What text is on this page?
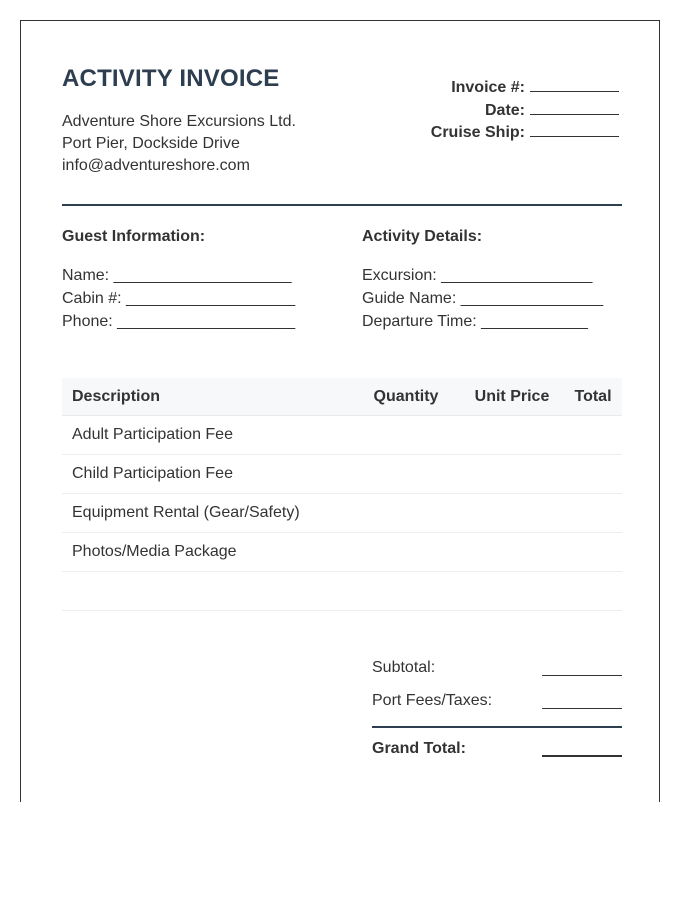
ACTIVITY INVOICE
Adventure Shore Excursions Ltd.
Port Pier, Dockside Drive
info@adventureshore.com
Invoice #:
Date:
Cruise Ship:
Guest Information:
Name: ____________________
Cabin #: ___________________
Phone: ____________________
Activity Details:
Excursion: _________________
Guide Name: ________________
Departure Time: ____________
Description	Quantity	Unit Price	Total
Adult Participation Fee			
Child Participation Fee			
Equipment Rental (Gear/Safety)			
Photos/Media Package			

Subtotal:
Port Fees/Taxes:
Grand Total:
